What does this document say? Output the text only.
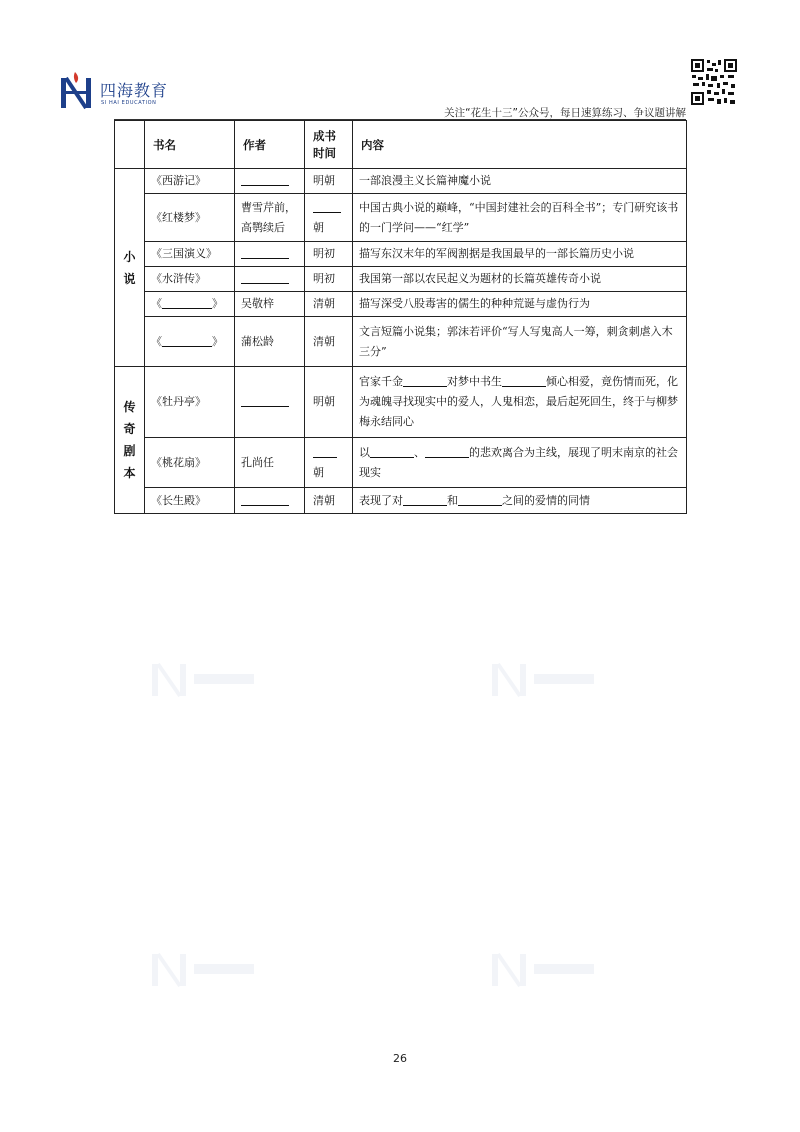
四海教育
SI HAI EDUCATION
关注“花生十三”公众号，每日速算练习、争议题讲解
	书名	作者	成书时间	内容

小说	《西游记》		明朝	一部浪漫主义长篇神魔小说
	《红楼梦》	曹雪芹前，高鹗续后	朝	中国古典小说的巅峰，“中国封建社会的百科全书”；专门研究该书的一门学问——“红学”
	《三国演义》		明初	描写东汉末年的军阀割据是我国最早的一部长篇历史小说
	《水浒传》		明初	我国第一部以农民起义为题材的长篇英雄传奇小说
	《 》	吴敬梓	清朝	描写深受八股毒害的儒生的种种荒诞与虚伪行为
	《 》	蒲松龄	清朝	文言短篇小说集；郭沫若评价“写人写鬼高人一筹，刺贪刺虐入木三分”

传奇剧本	《牡丹亭》		明朝	官家千金 对梦中书生 倾心相爱，竟伤情而死，化为魂魄寻找现实中的爱人，人鬼相恋，最后起死回生，终于与柳梦梅永结同心
	《桃花扇》	孔尚任	朝	以 、 的悲欢离合为主线，展现了明末南京的社会现实
	《长生殿》		清朝	表现了对 和 之间的爱情的同情
26
